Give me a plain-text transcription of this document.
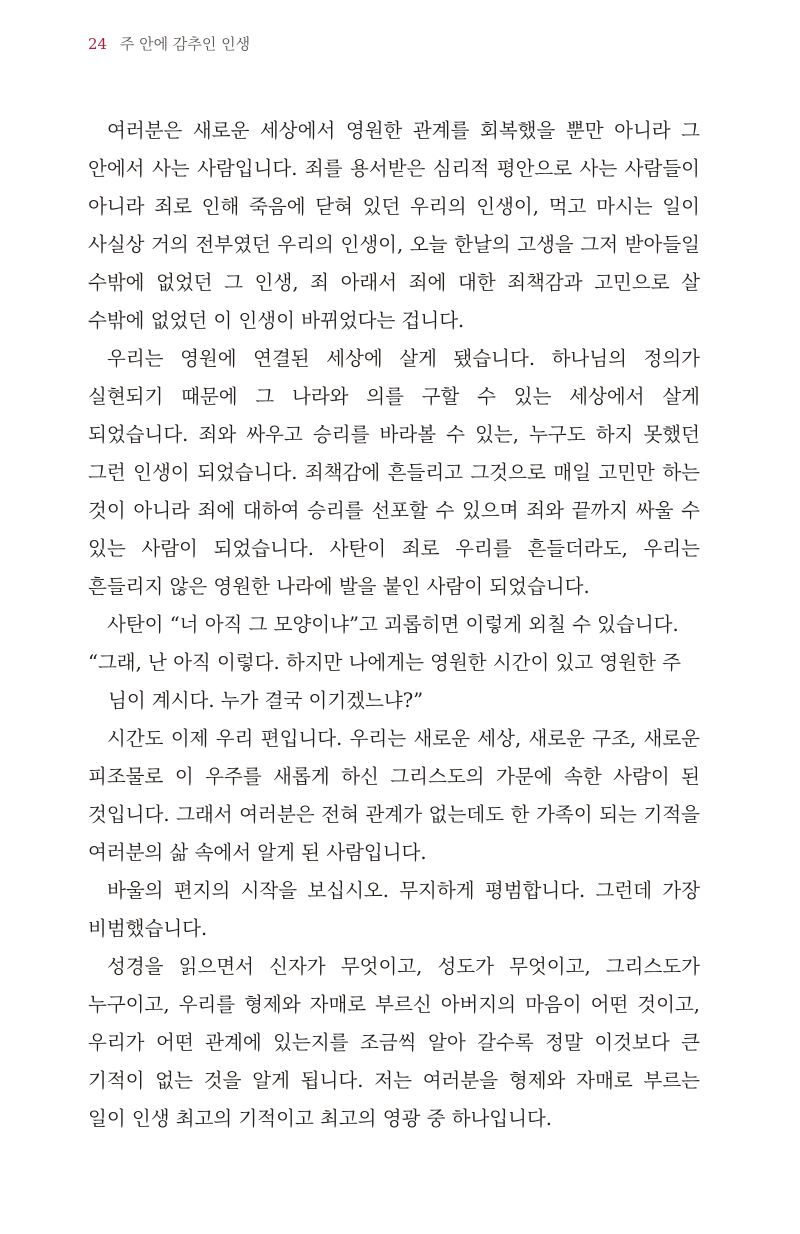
24 주 안에 감추인 인생

여러분은 새로운 세상에서 영원한 관계를 회복했을 뿐만 아니라 그 안에서 사는 사람입니다. 죄를 용서받은 심리적 평안으로 사는 사람들이 아니라 죄로 인해 죽음에 닫혀 있던 우리의 인생이, 먹고 마시는 일이 사실상 거의 전부였던 우리의 인생이, 오늘 한날의 고생을 그저 받아들일 수밖에 없었던 그 인생, 죄 아래서 죄에 대한 죄책감과 고민으로 살 수밖에 없었던 이 인생이 바뀌었다는 겁니다.

우리는 영원에 연결된 세상에 살게 됐습니다. 하나님의 정의가 실현되기 때문에 그 나라와 의를 구할 수 있는 세상에서 살게 되었습니다. 죄와 싸우고 승리를 바라볼 수 있는, 누구도 하지 못했던 그런 인생이 되었습니다. 죄책감에 흔들리고 그것으로 매일 고민만 하는 것이 아니라 죄에 대하여 승리를 선포할 수 있으며 죄와 끝까지 싸울 수 있는 사람이 되었습니다. 사탄이 죄로 우리를 흔들더라도, 우리는 흔들리지 않은 영원한 나라에 발을 붙인 사람이 되었습니다.

사탄이 “너 아직 그 모양이냐”고 괴롭히면 이렇게 외칠 수 있습니다.

“그래, 난 아직 이렇다. 하지만 나에게는 영원한 시간이 있고 영원한 주
님이 계시다. 누가 결국 이기겠느냐?”

시간도 이제 우리 편입니다. 우리는 새로운 세상, 새로운 구조, 새로운 피조물로 이 우주를 새롭게 하신 그리스도의 가문에 속한 사람이 된 것입니다. 그래서 여러분은 전혀 관계가 없는데도 한 가족이 되는 기적을 여러분의 삶 속에서 알게 된 사람입니다.

바울의 편지의 시작을 보십시오. 무지하게 평범합니다. 그런데 가장 비범했습니다.

성경을 읽으면서 신자가 무엇이고, 성도가 무엇이고, 그리스도가 누구이고, 우리를 형제와 자매로 부르신 아버지의 마음이 어떤 것이고, 우리가 어떤 관계에 있는지를 조금씩 알아 갈수록 정말 이것보다 큰 기적이 없는 것을 알게 됩니다. 저는 여러분을 형제와 자매로 부르는 일이 인생 최고의 기적이고 최고의 영광 중 하나입니다.
